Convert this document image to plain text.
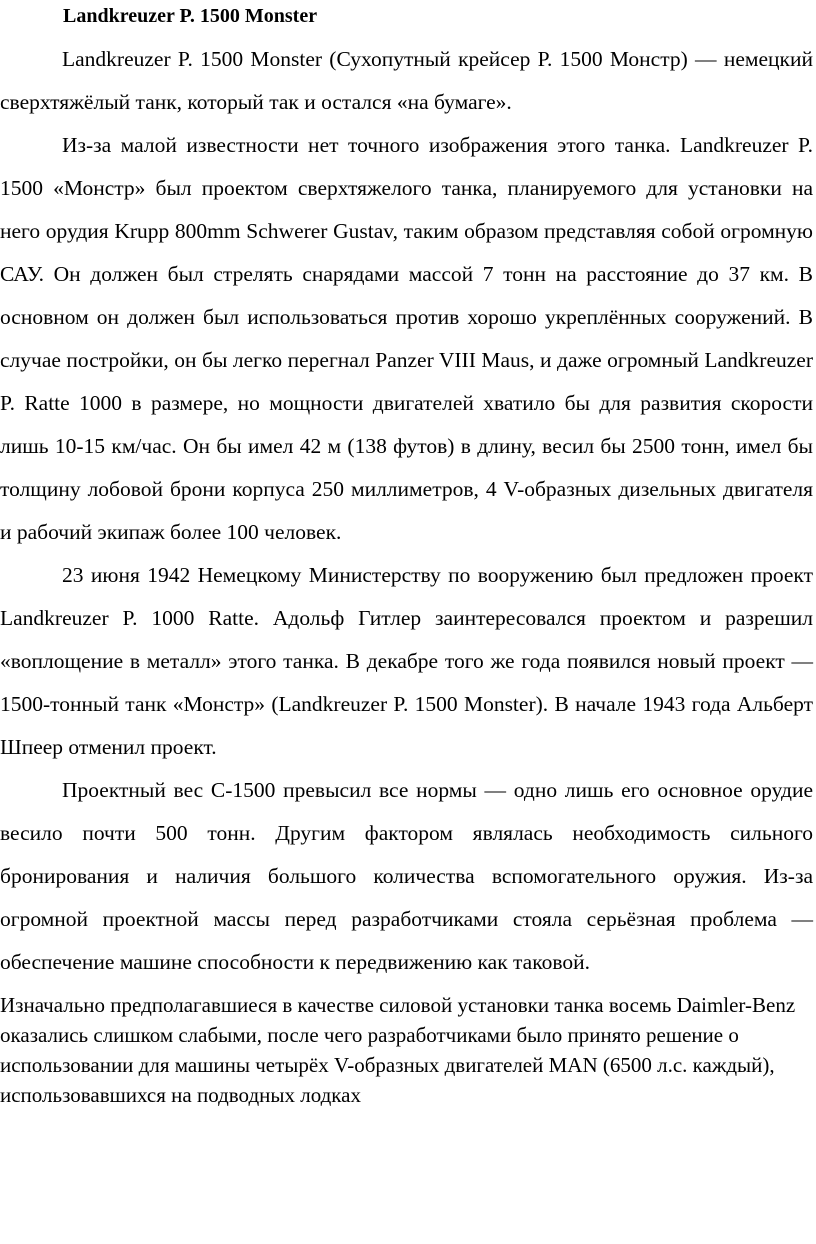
Landkreuzer P. 1500 Monster

Landkreuzer P. 1500 Monster (Сухопутный крейсер Р. 1500 Монстр) — немецкий сверхтяжёлый танк, который так и остался «на бумаге».

Из-за малой известности нет точного изображения этого танка. Landkreuzer P. 1500 «Монстр» был проектом сверхтяжелого танка, планируемого для установки на него орудия Krupp 800mm Schwerer Gustav, таким образом представляя собой огромную САУ. Он должен был стрелять снарядами массой 7 тонн на расстояние до 37 км. В основном он должен был использоваться против хорошо укреплённых сооружений. В случае постройки, он бы легко перегнал Panzer VIII Maus, и даже огромный Landkreuzer P. Ratte 1000 в размере, но мощности двигателей хватило бы для развития скорости лишь 10-15 км/час. Он бы имел 42 м (138 футов) в длину, весил бы 2500 тонн, имел бы толщину лобовой брони корпуса 250 миллиметров, 4 V-образных дизельных двигателя и рабочий экипаж более 100 человек.

23 июня 1942 Немецкому Министерству по вооружению был предложен проект Landkreuzer P. 1000 Ratte. Адольф Гитлер заинтересовался проектом и разрешил «воплощение в металл» этого танка. В декабре того же года появился новый проект — 1500-тонный танк «Монстр» (Landkreuzer P. 1500 Monster). В начале 1943 года Альберт Шпеер отменил проект.

Проектный вес С-1500 превысил все нормы — одно лишь его основное орудие весило почти 500 тонн. Другим фактором являлась необходимость сильного бронирования и наличия большого количества вспомогательного оружия. Из-за огромной проектной массы перед разработчиками стояла серьёзная проблема — обеспечение машине способности к передвижению как таковой.

Изначально предполагавшиеся в качестве силовой установки танка восемь Daimler-Benz оказались слишком слабыми, после чего разработчиками было принято решение о использовании для машины четырёх V-образных двигателей MAN (6500 л.с. каждый), использовавшихся на подводных лодках
